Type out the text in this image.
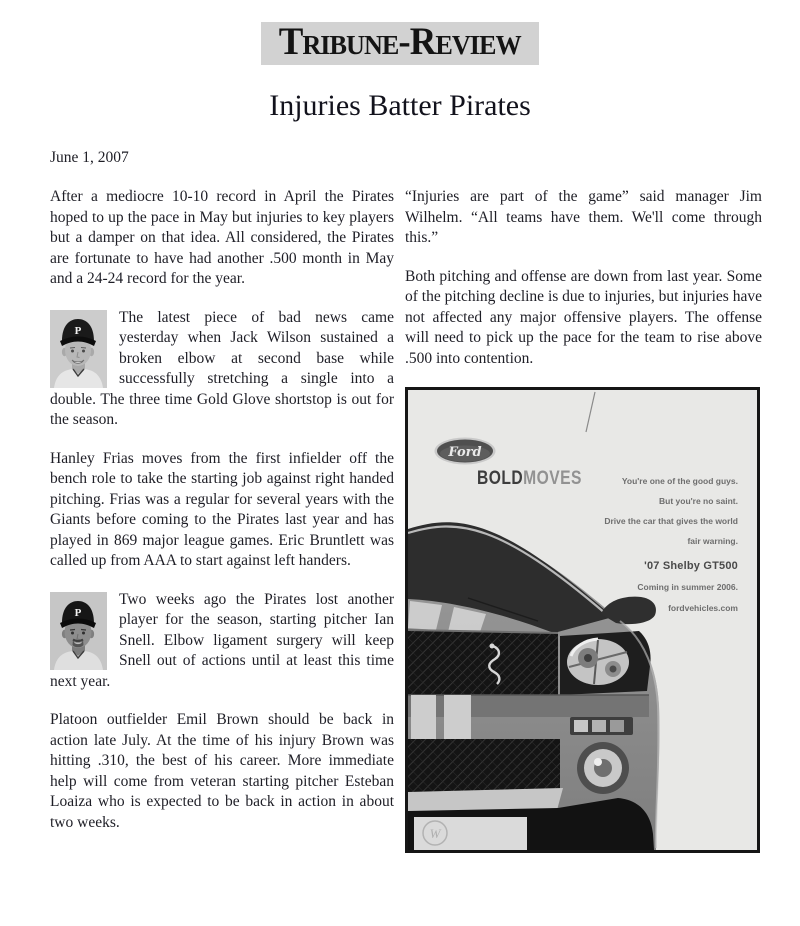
Tribune-Review
Injuries Batter Pirates
June 1, 2007

After a mediocre 10-10 record in April the Pirates hoped to up the pace in May but injuries to key players but a damper on that idea. All considered, the Pirates are fortunate to have had another .500 month in May and a 24-24 record for the year.

P
The latest piece of bad news came yesterday when Jack Wilson sustained a broken elbow at second base while successfully stretching a single into a double. The three time Gold Glove shortstop is out for the season.

Hanley Frias moves from the first infielder off the bench role to take the starting job against right handed pitching. Frias was a regular for several years with the Giants before coming to the Pirates last year and has played in 869 major league games. Eric Bruntlett was called up from AAA to start against left handers.

P
Two weeks ago the Pirates lost another player for the season, starting pitcher Ian Snell. Elbow ligament surgery will keep Snell out of actions until at least this time next year.

Platoon outfielder Emil Brown should be back in action late July. At the time of his injury Brown was hitting .310, the best of his career. More immediate help will come from veteran starting pitcher Esteban Loaiza who is expected to be back in action in about two weeks.

“Injuries are part of the game” said manager Jim Wilhelm. “All teams have them. We'll come through this.”

Both pitching and offense are down from last year. Some of the pitching decline is due to injuries, but injuries have not affected any major offensive players. The offense will need to pick up the pace for the team to rise above .500 into contention.

W
Ford
BOLDMOVES	You're one of the good guys.
But you're no saint.
Drive the car that gives the world
fair warning.
'07 Shelby GT500
Coming in summer 2006.
fordvehicles.com
